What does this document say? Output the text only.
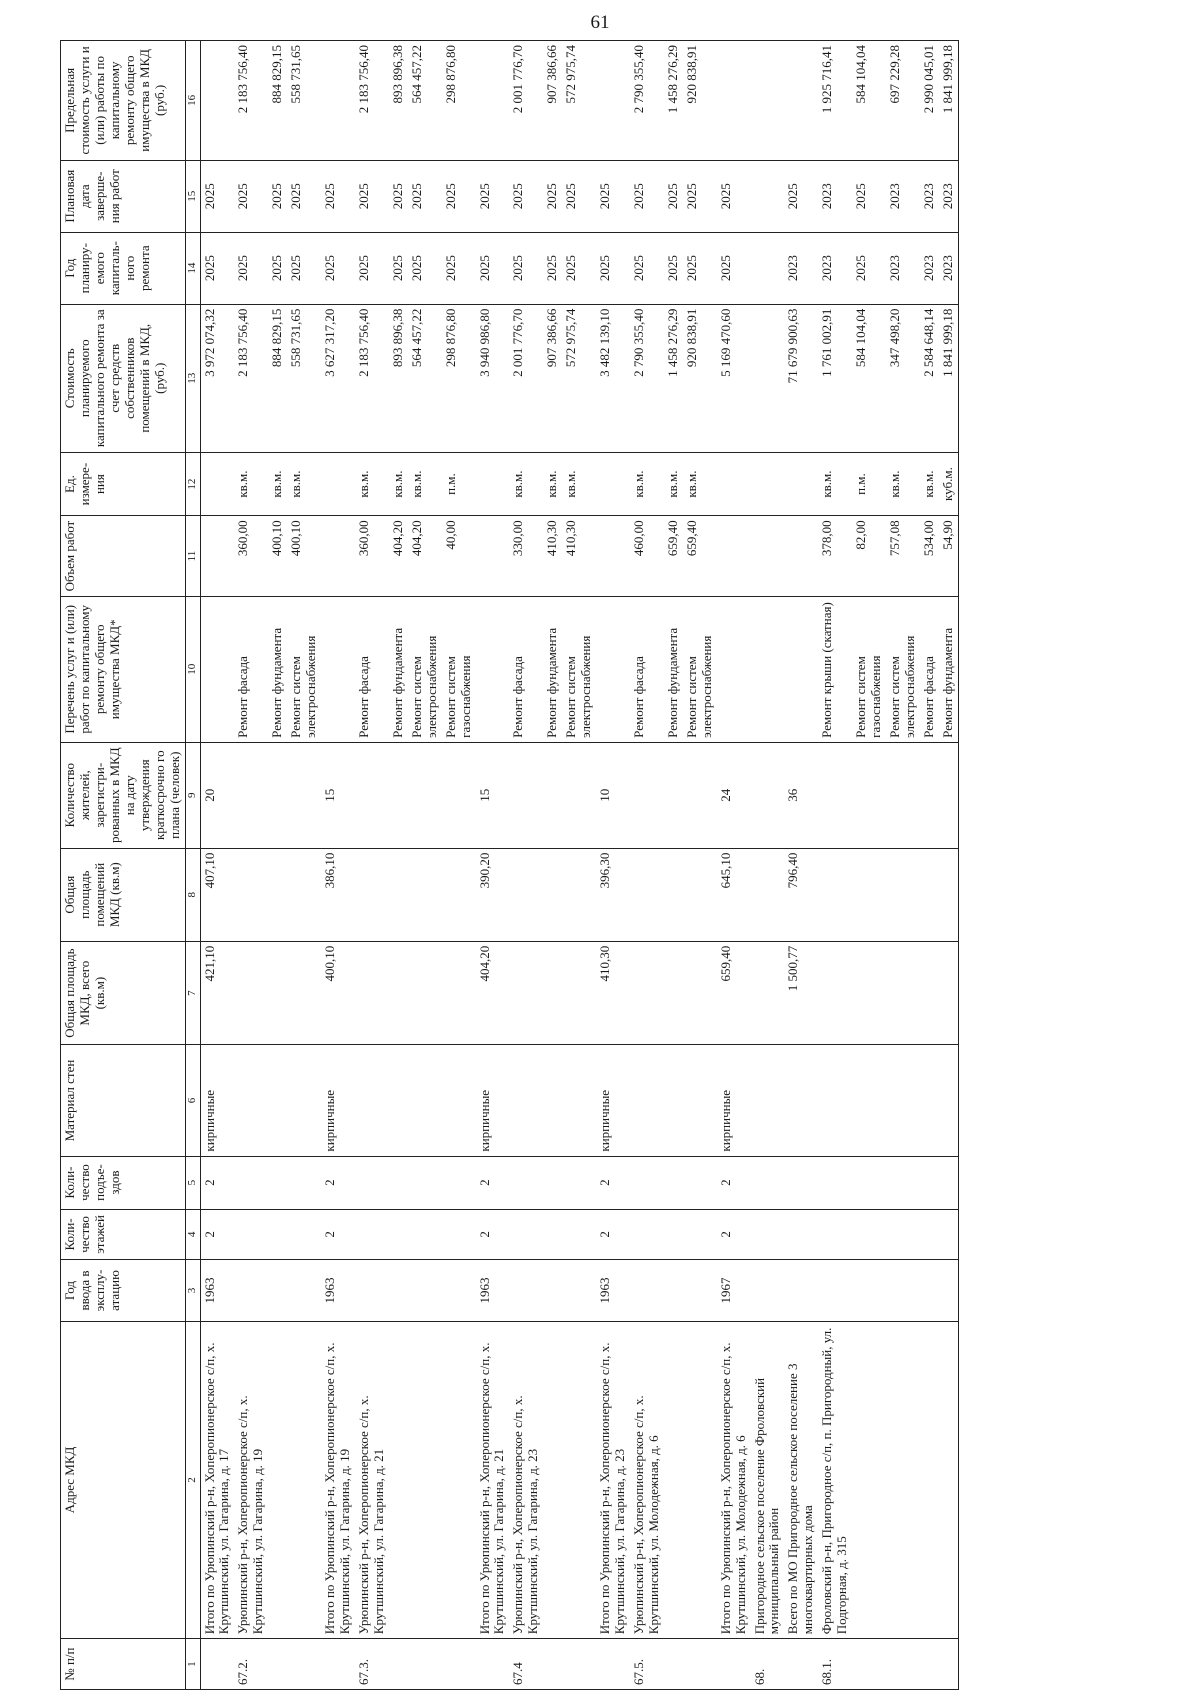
61
№ п/п	Адрес МКД	Год ввода в эксплу-атацию	Коли-чество этажей	Коли-чество подъе-здов	Материал стен	Общая площадь МКД, всего (кв.м)	Общая площадь помещений МКД (кв.м)	Количество жителей, зарегистри-рованных в МКД на дату утверждения краткосрочно го плана (человек)	Перечень услуг и (или) работ по капитальному ремонту общего имущества МКД*	Объем работ	Ед. измере-ния	Стоимость планируемого капитального ремонта за счет средств собственников помещений в МКД, (руб.)	Год планиру-емого капиталь-ного ремонта	Плановая дата заверше-ния работ	Предельная стоимость услуги и (или) работы по капитальному ремонту общего имущества в МКД (руб.)
1	2	3	4	5	6	7	8	9	10	11	12	13	14	15	16
	Итого по Урюпинский р-н, Хоперопионерское с/п, х. Крутшинский, ул. Гагарина, д. 17	1963	2	2	кирпичные	421,10	407,10	20				3 972 074,32	2025	2025	
67.2.	Урюпинский р-н, Хоперопионерское с/п, х. Крутшинский, ул. Гагарина, д. 19								Ремонт фасада	360,00	кв.м.	2 183 756,40	2025	2025	2 183 756,40
									Ремонт фундамента	400,10	кв.м.	884 829,15	2025	2025	884 829,15
									Ремонт систем электроснабжения	400,10	кв.м.	558 731,65	2025	2025	558 731,65
	Итого по Урюпинский р-н, Хоперопионерское с/п, х. Крутшинский, ул. Гагарина, д. 19	1963	2	2	кирпичные	400,10	386,10	15				3 627 317,20	2025	2025	
67.3.	Урюпинский р-н, Хоперопионерское с/п, х. Крутшинский, ул. Гагарина, д. 21								Ремонт фасада	360,00	кв.м.	2 183 756,40	2025	2025	2 183 756,40
									Ремонт фундамента	404,20	кв.м.	893 896,38	2025	2025	893 896,38
									Ремонт систем электроснабжения	404,20	кв.м.	564 457,22	2025	2025	564 457,22
									Ремонт систем газоснабжения	40,00	п.м.	298 876,80	2025	2025	298 876,80
	Итого по Урюпинский р-н, Хоперопионерское с/п, х. Крутшинский, ул. Гагарина, д. 21	1963	2	2	кирпичные	404,20	390,20	15				3 940 986,80	2025	2025	
67.4	Урюпинский р-н, Хоперопионерское с/п, х. Крутшинский, ул. Гагарина, д. 23								Ремонт фасада	330,00	кв.м.	2 001 776,70	2025	2025	2 001 776,70
									Ремонт фундамента	410,30	кв.м.	907 386,66	2025	2025	907 386,66
									Ремонт систем электроснабжения	410,30	кв.м.	572 975,74	2025	2025	572 975,74
	Итого по Урюпинский р-н, Хоперопионерское с/п, х. Крутшинский, ул. Гагарина, д. 23	1963	2	2	кирпичные	410,30	396,30	10				3 482 139,10	2025	2025	
67.5.	Урюпинский р-н, Хоперопионерское с/п, х. Крутшинский, ул. Молодежная, д. 6								Ремонт фасада	460,00	кв.м.	2 790 355,40	2025	2025	2 790 355,40
									Ремонт фундамента	659,40	кв.м.	1 458 276,29	2025	2025	1 458 276,29
									Ремонт систем электроснабжения	659,40	кв.м.	920 838,91	2025	2025	920 838,91
	Итого по Урюпинский р-н, Хоперопионерское с/п, х. Крутшинский, ул. Молодежная, д. 6	1967	2	2	кирпичные	659,40	645,10	24				5 169 470,60	2025	2025	
68.	Пригородное сельское поселение Фроловский муниципальный район														
	Всего по МО Пригородное сельское поселение 3 многоквартирных дома					1 500,77	796,40	36				71 679 900,63	2023	2025	
68.1.	Фроловский р-н, Пригородное с/п, п. Пригородный, ул. Подгорная, д. 315								Ремонт крыши (скатная)	378,00	кв.м.	1 761 002,91	2023	2023	1 925 716,41
									Ремонт систем газоснабжения	82,00	п.м.	584 104,04	2025	2025	584 104,04
									Ремонт систем электроснабжения	757,08	кв.м.	347 498,20	2023	2023	697 229,28
									Ремонт фасада	534,00	кв.м.	2 584 648,14	2023	2023	2 990 045,01
									Ремонт фундамента	54,90	куб.м.	1 841 999,18	2023	2023	1 841 999,18
